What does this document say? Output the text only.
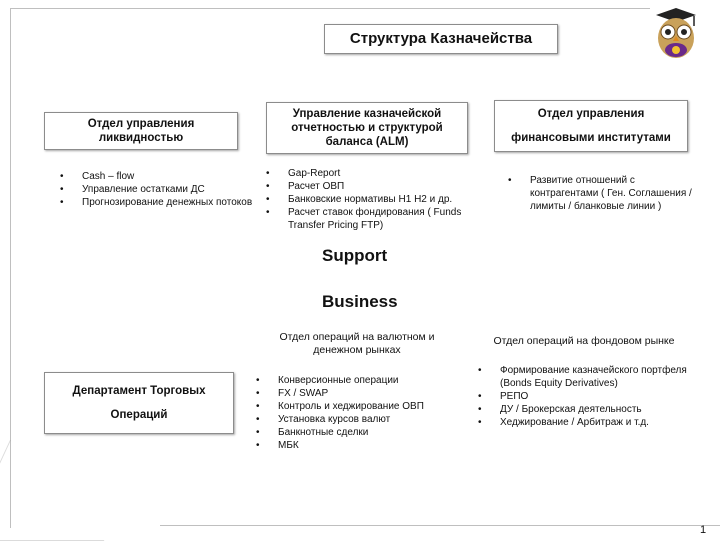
Структура Казначейства
Отдел управления ликвидностью
• Cash – flow
• Управление остатками ДС
• Прогнозирование денежных потоков
Управление казначейской отчетностью и структурой баланса (ALM)
• Gap-Report
• Расчет ОВП
• Банковские нормативы Н1 Н2 и др.
• Расчет ставок фондирования ( Funds Transfer Pricing FTP)
Отдел управления
финансовыми институтами
• Развитие отношений с контрагентами ( Ген. Соглашения / лимиты / бланковые линии )
Support
Business
Отдел операций на валютном и денежном рынках
• Конверсионные операции
• FX / SWAP
• Контроль и хеджирование ОВП
• Установка курсов валют
• Банкнотные сделки
• МБК
Отдел операций на фондовом рынке
• Формирование казначейского портфеля (Bonds Equity Derivatives)
• РЕПО
• ДУ / Брокерская деятельность
• Хеджирование / Арбитраж и т.д.
Департамент Торговых
Операций
1
